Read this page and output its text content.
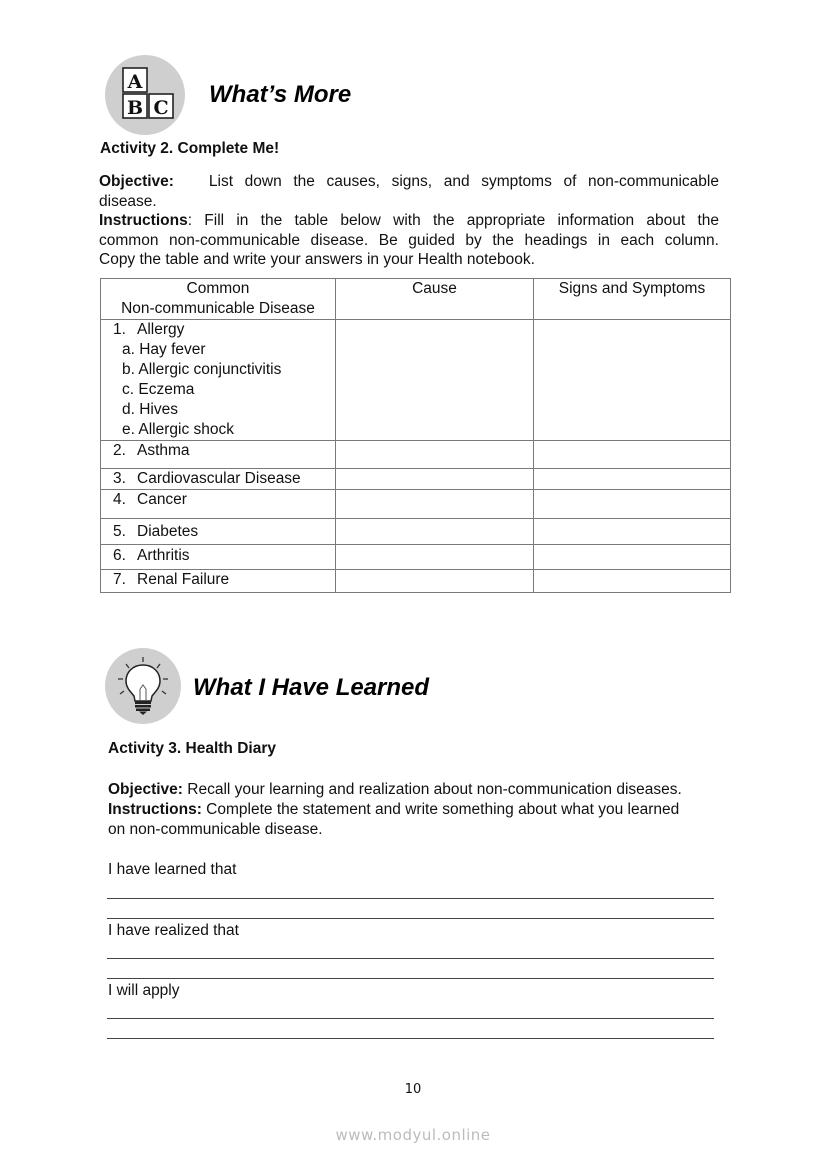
A
B C What’s More
Activity 2. Complete Me!
Objective: List down the causes, signs, and symptoms of non-communicable
disease.
Instructions: Fill in the table below with the appropriate information about the
common non-communicable disease. Be guided by the headings in each column.
Copy the table and write your answers in your Health notebook.
Common
Non-communicable Disease	Cause	Signs and Symptoms

1. Allergy
a. Hay fever
b. Allergic conjunctivitis
c. Eczema
d. Hives
e. Allergic shock

2. Asthma		

3. Cardiovascular Disease		

4. Cancer		

5. Diabetes		

6. Arthritis		

7. Renal Failure		

What I Have Learned
Activity 3. Health Diary
Objective: Recall your learning and realization about non-communication diseases.
Instructions: Complete the statement and write something about what you learned
on non-communicable disease.
I have learned that
I have realized that
I will apply
10
www.modyul.online
